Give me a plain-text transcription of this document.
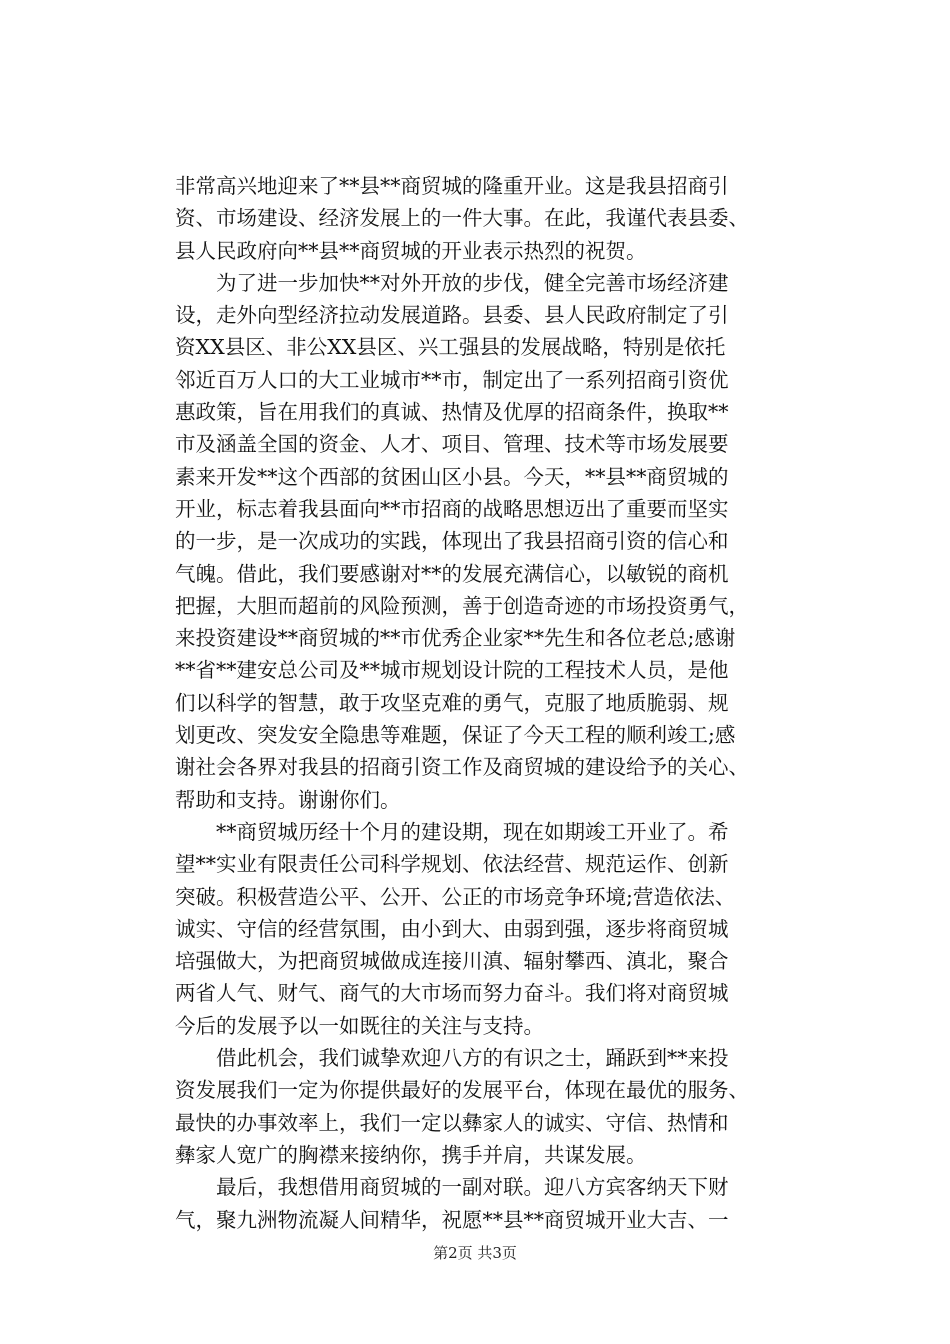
非常高兴地迎来了**县**商贸城的隆重开业。这是我县招商引
资、市场建设、经济发展上的一件大事。在此，我谨代表县委、
县人民政府向**县**商贸城的开业表示热烈的祝贺。
　　为了进一步加快**对外开放的步伐，健全完善市场经济建
设，走外向型经济拉动发展道路。县委、县人民政府制定了引
资XX县区、非公XX县区、兴工强县的发展战略，特别是依托
邻近百万人口的大工业城市**市，制定出了一系列招商引资优
惠政策，旨在用我们的真诚、热情及优厚的招商条件，换取**
市及涵盖全国的资金、人才、项目、管理、技术等市场发展要
素来开发**这个西部的贫困山区小县。今天，**县**商贸城的
开业，标志着我县面向**市招商的战略思想迈出了重要而坚实
的一步，是一次成功的实践，体现出了我县招商引资的信心和
气魄。借此，我们要感谢对**的发展充满信心，以敏锐的商机
把握，大胆而超前的风险预测，善于创造奇迹的市场投资勇气，
来投资建设**商贸城的**市优秀企业家**先生和各位老总;感谢
**省**建安总公司及**城市规划设计院的工程技术人员，是他
们以科学的智慧，敢于攻坚克难的勇气，克服了地质脆弱、规
划更改、突发安全隐患等难题，保证了今天工程的顺利竣工;感
谢社会各界对我县的招商引资工作及商贸城的建设给予的关心、
帮助和支持。谢谢你们。
　　**商贸城历经十个月的建设期，现在如期竣工开业了。希
望**实业有限责任公司科学规划、依法经营、规范运作、创新
突破。积极营造公平、公开、公正的市场竞争环境;营造依法、
诚实、守信的经营氛围，由小到大、由弱到强，逐步将商贸城
培强做大，为把商贸城做成连接川滇、辐射攀西、滇北，聚合
两省人气、财气、商气的大市场而努力奋斗。我们将对商贸城
今后的发展予以一如既往的关注与支持。
　　借此机会，我们诚挚欢迎八方的有识之士，踊跃到**来投
资发展我们一定为你提供最好的发展平台，体现在最优的服务、
最快的办事效率上，我们一定以彝家人的诚实、守信、热情和
彝家人宽广的胸襟来接纳你，携手并肩，共谋发展。
　　最后，我想借用商贸城的一副对联。迎八方宾客纳天下财
气，聚九洲物流凝人间精华，祝愿**县**商贸城开业大吉、一
第2页 共3页
